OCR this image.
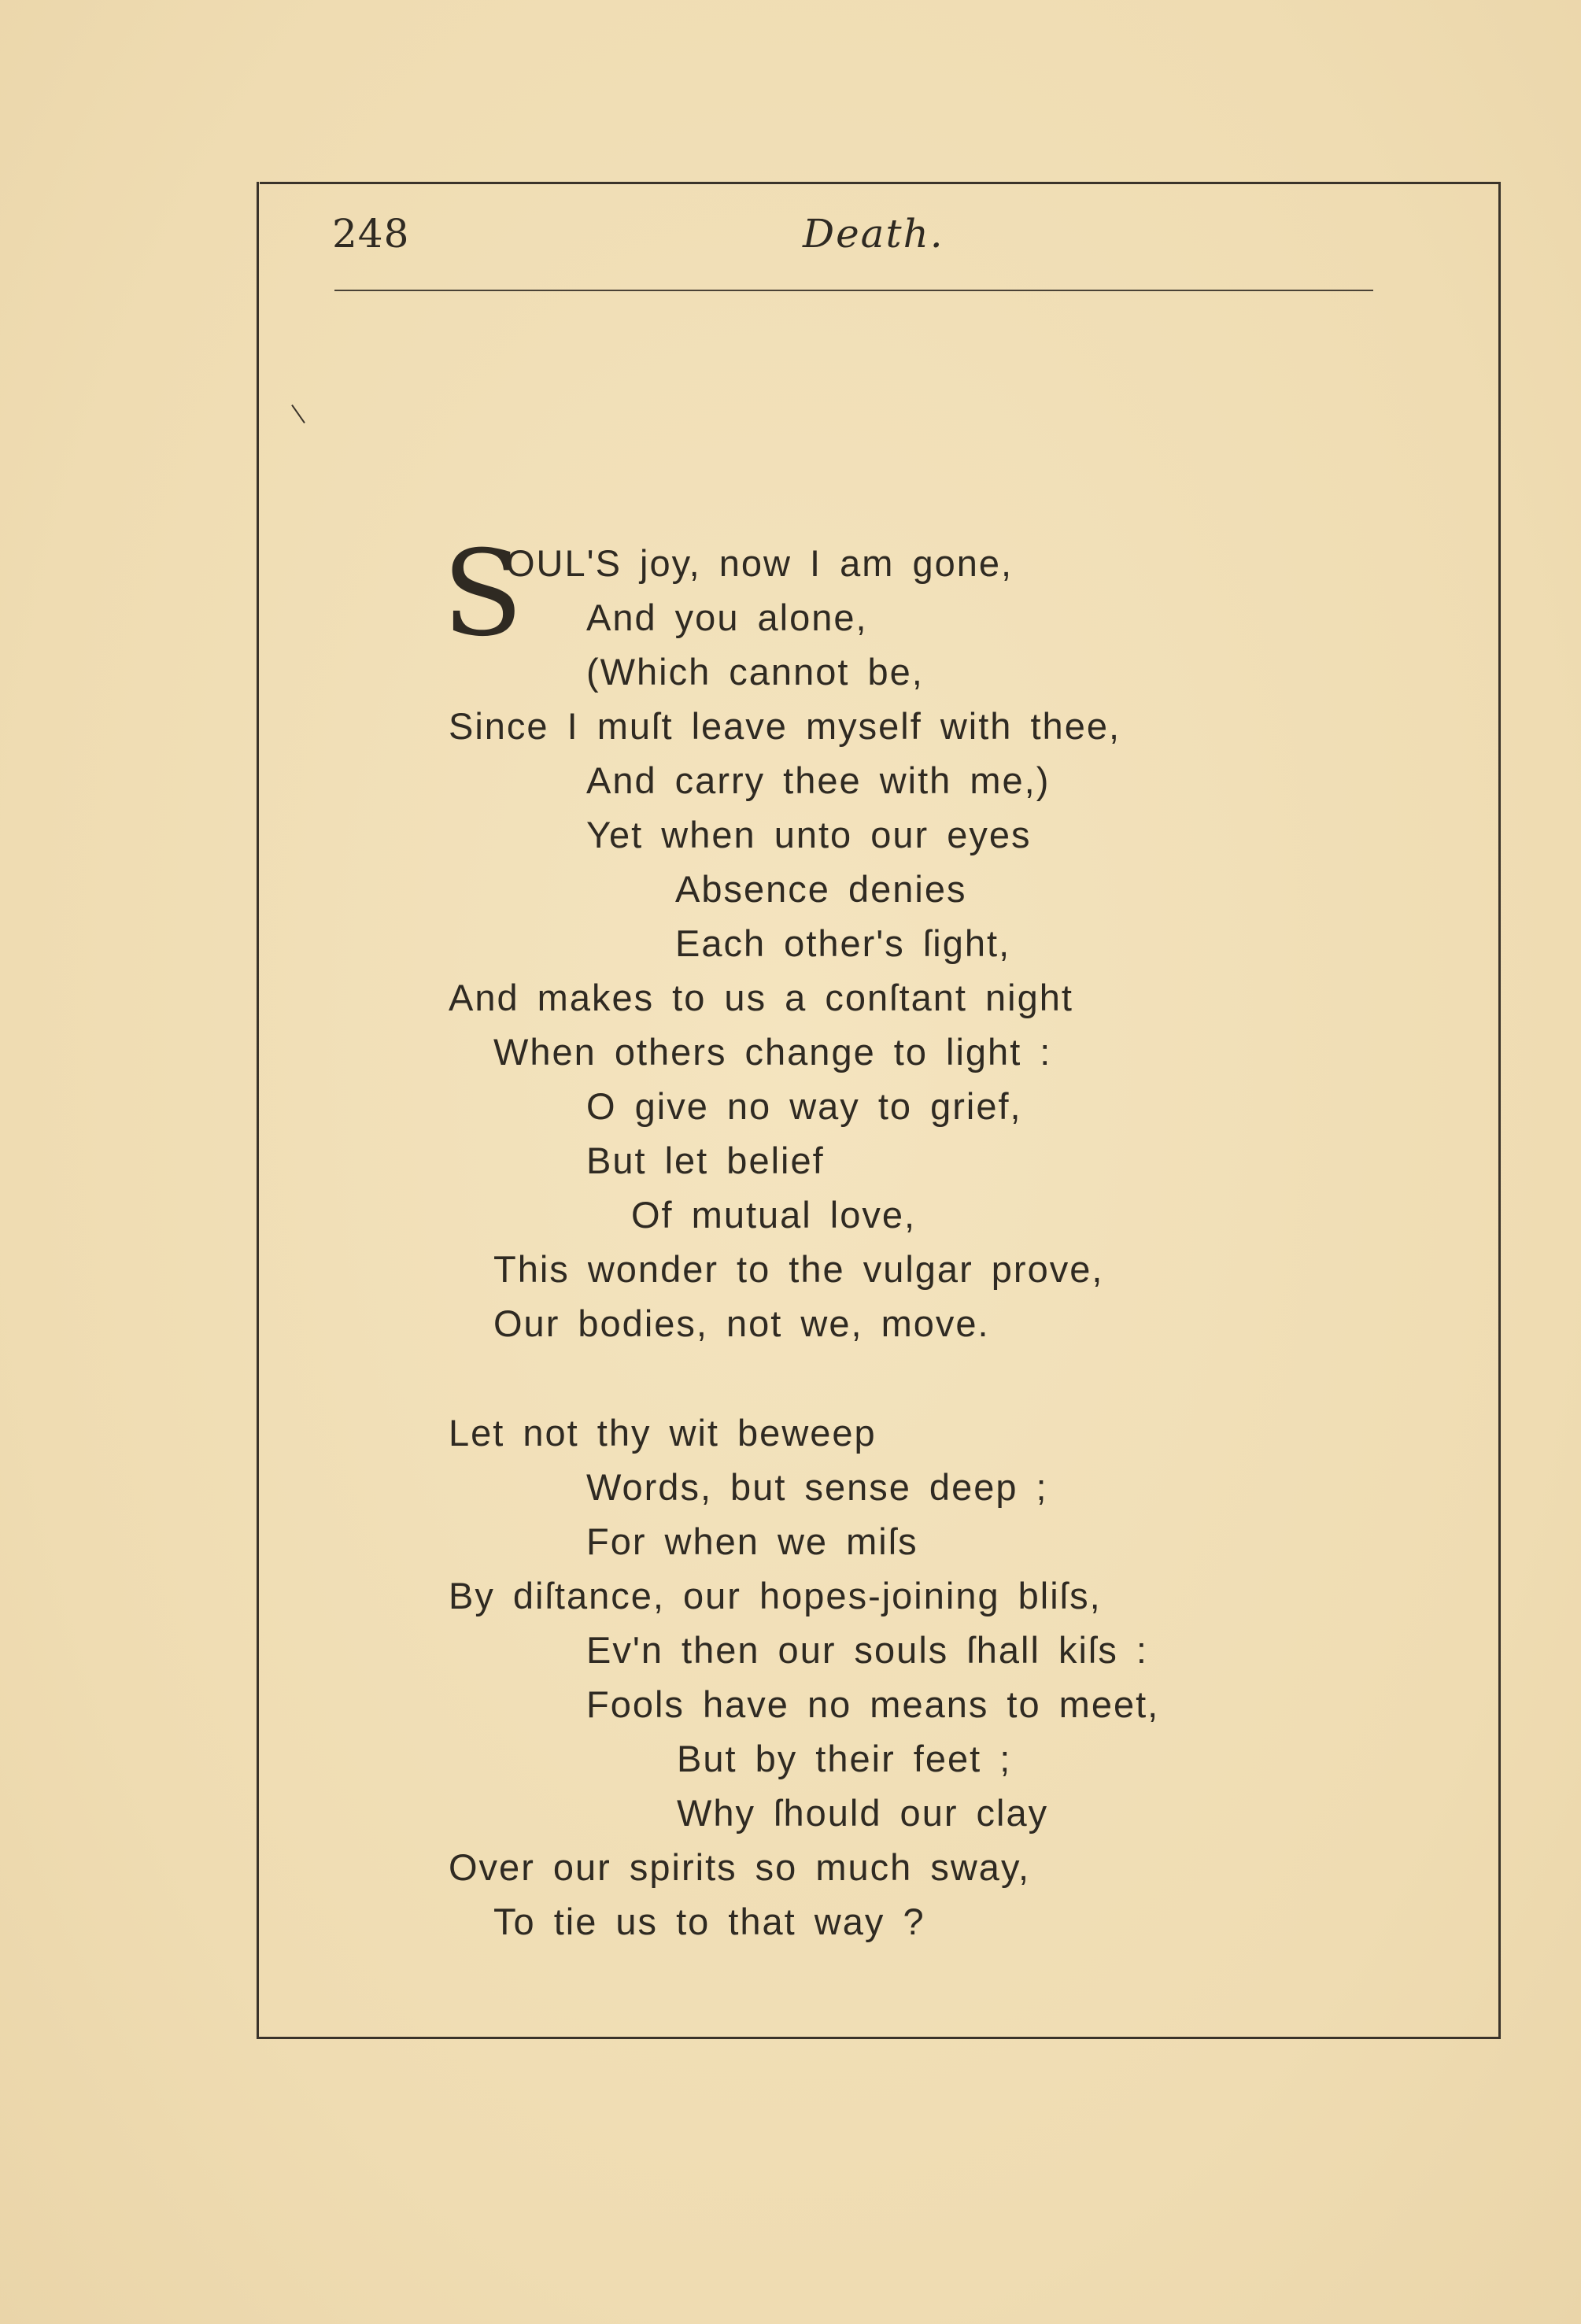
248	Death.
S
OUL'S joy, now I am gone,
And you alone,
(Which cannot be,
Since I muſt leave myself with thee,
And carry thee with me,)
Yet when unto our eyes
Absence denies
Each other's ſight,
And makes to us a conſtant night
When others change to light :
O give no way to grief,
But let belief
Of mutual love,
This wonder to the vulgar prove,
Our bodies, not we, move.
Let not thy wit beweep
Words, but sense deep ;
For when we miſs
By diſtance, our hopes-joining bliſs,
Ev'n then our souls ſhall kiſs :
Fools have no means to meet,
But by their feet ;
Why ſhould our clay
Over our spirits so much sway,
To tie us to that way ?
